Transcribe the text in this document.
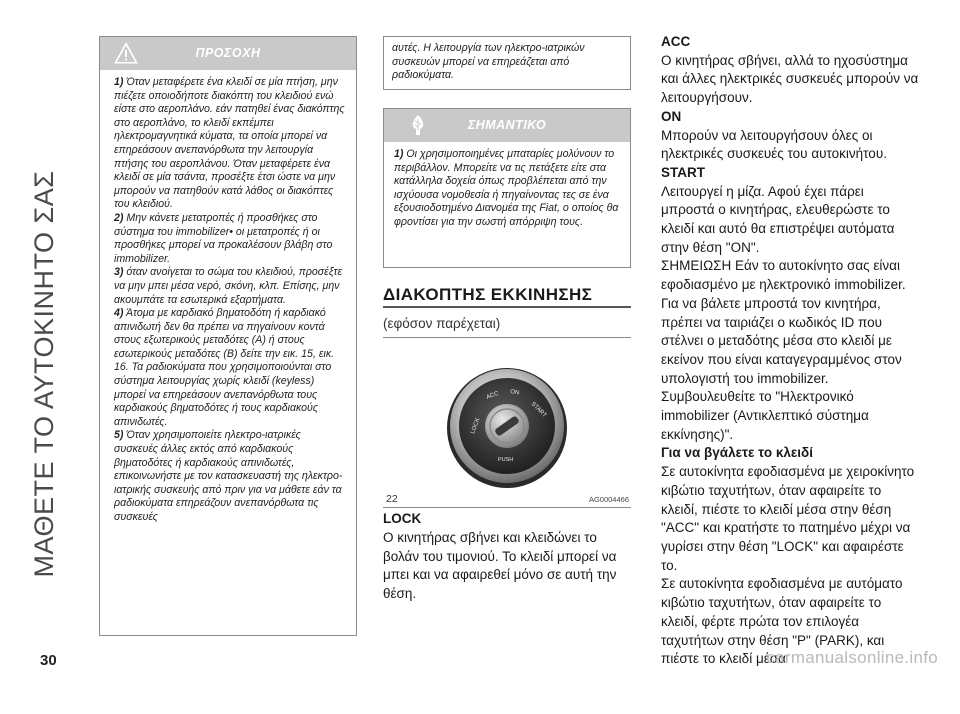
ΜΑΘΕΤΕ ΤΟ ΑΥΤΟΚΙΝΗΤΟ ΣΑΣ
ΠΡΟΣΟΧΗ

1) Όταν μεταφέρετε ένα κλειδί σε μία πτήση, μην πιέζετε οποιοδήποτε διακόπτη του κλειδιού ενώ είστε στο αεροπλάνο. εάν πατηθεί ένας διακόπτης στο αεροπλάνο, το κλειδί εκπέμπει ηλεκτρομαγνητικά κύματα, τα οποία μπορεί να επηρεάσουν ανεπανόρθωτα την λειτουργία πτήσης του αεροπλάνου. Όταν μεταφέρετε ένα κλειδί σε μία τσάντα, προσέξτε έτσι ώστε να μην μπορούν να πατηθούν κατά λάθος οι διακόπτες του κλειδιού.

2) Μην κάνετε μετατροπές ή προσθήκες στο σύστημα του immobilizer• οι μετατροπές ή οι προσθήκες μπορεί να προκαλέσουν βλάβη στο immobilizer.

3) όταν ανοίγεται το σώμα του κλειδιού, προσέξτε να μην μπει μέσα νερό, σκόνη, κλπ. Επίσης, μην ακουμπάτε τα εσωτερικά εξαρτήματα.

4) Άτομα με καρδιακό βηματοδότη ή καρδιακό απινιδωτή δεν θα πρέπει να πηγαίνουν κοντά στους εξωτερικούς μεταδότες (A) ή στους εσωτερικούς μεταδότες (B) δείτε την εικ. 15, εικ. 16. Τα ραδιοκύματα που χρησιμοποιούνται στο σύστημα λειτουργίας χωρίς κλειδί (keyless) μπορεί να επηρεάσουν ανεπανόρθωτα τους καρδιακούς βηματοδότες ή τους καρδιακούς απινιδωτές.

5) Όταν χρησιμοποιείτε ηλεκτρο-ιατρικές συσκευές άλλες εκτός από καρδιακούς βηματοδότες ή καρδιακούς απινιδωτές, επικοινωνήστε με τον κατασκευαστή της ηλεκτρο-ιατρικής συσκευής από πριν για να μάθετε εάν τα ραδιοκύματα επηρεάζουν ανεπανόρθωτα τις συσκευές

αυτές. Η λειτουργία των ηλεκτρο-ιατρικών συσκευών μπορεί να επηρεάζεται από ραδιοκύματα.
ΣΗΜΑΝΤΙΚΟ

1) Οι χρησιμοποιημένες μπαταρίες μολύνουν το περιβάλλον. Μπορείτε να τις πετάξετε είτε στα κατάλληλα δοχεία όπως προβλέπεται από την ισχύουσα νομοθεσία ή πηγαίνοντας τες σε ένα εξουσιοδοτημένο Διανομέα της Fiat, ο οποίος θα φροντίσει για την σωστή απόρριψη τους.

ΔΙΑΚΟΠΤΗΣ ΕΚΚΙΝΗΣΗΣ
(εφόσον παρέχεται)
LOCK
ACC ON
START
PUSH
22	AG0004466
LOCK
Ο κινητήρας σβήνει και κλειδώνει το βολάν του τιμονιού. Το κλειδί μπορεί να μπει και να αφαιρεθεί μόνο σε αυτή την θέση.

ACC

Ο κινητήρας σβήνει, αλλά το ηχοσύστημα και άλλες ηλεκτρικές συσκευές μπορούν να λειτουργήσουν.

ON

Μπορούν να λειτουργήσουν όλες οι ηλεκτρικές συσκευές του αυτοκινήτου.

START

Λειτουργεί η μίζα. Αφού έχει πάρει μπροστά ο κινητήρας, ελευθερώστε το κλειδί και αυτό θα επιστρέψει αυτόματα στην θέση "ON".

ΣΗΜΕΙΩΣΗ Εάν το αυτοκίνητο σας είναι εφοδιασμένο με ηλεκτρονικό immobilizer. Για να βάλετε μπροστά τον κινητήρα, πρέπει να ταιριάζει ο κωδικός ID που στέλνει ο μεταδότης μέσα στο κλειδί με εκείνον που είναι καταγεγραμμένος στον υπολογιστή του immobilizer. Συμβουλευθείτε το "Ηλεκτρονικό immobilizer (Αντικλεπτικό σύστημα εκκίνησης)".

Για να βγάλετε το κλειδί

Σε αυτοκίνητα εφοδιασμένα με χειροκίνητο κιβώτιο ταχυτήτων, όταν αφαιρείτε το κλειδί, πιέστε το κλειδί μέσα στην θέση "ACC" και κρατήστε το πατημένο μέχρι να γυρίσει στην θέση "LOCK" και αφαιρέστε το.

Σε αυτοκίνητα εφοδιασμένα με αυτόματο κιβώτιο ταχυτήτων, όταν αφαιρείτε το κλειδί, φέρτε πρώτα τον επιλογέα ταχυτήτων στην θέση "P" (PARK), και πιέστε το κλειδί μέσα

30	carmanualsonline.info
